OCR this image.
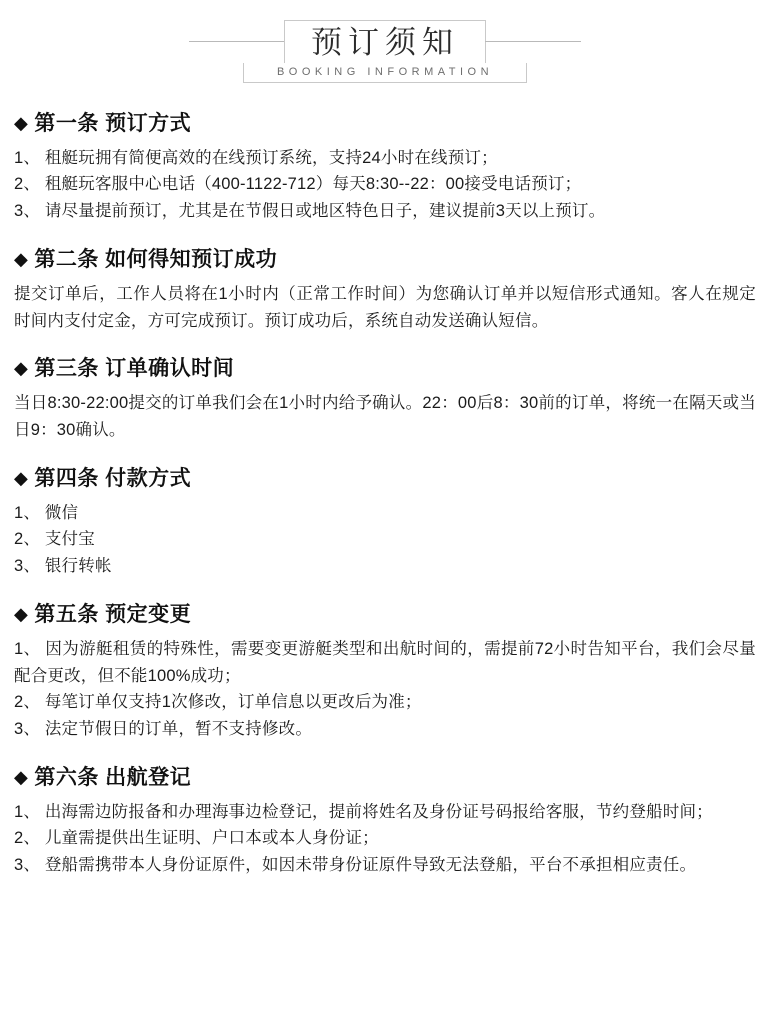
预订须知
BOOKING INFORMATION
◆ 第一条 预订方式
1、 租艇玩拥有简便高效的在线预订系统，支持24小时在线预订；
2、 租艇玩客服中心电话（400-1122-712）每天8:30--22：00接受电话预订；
3、 请尽量提前预订，尤其是在节假日或地区特色日子，建议提前3天以上预订。
◆ 第二条 如何得知预订成功

提交订单后，工作人员将在1小时内（正常工作时间）为您确认订单并以短信形式通知。客人在规定时间内支付定金，方可完成预订。预订成功后，系统自动发送确认短信。

◆ 第三条 订单确认时间

当日8:30-22:00提交的订单我们会在1小时内给予确认。22：00后8：30前的订单，将统一在隔天或当日9：30确认。

◆ 第四条 付款方式
1、 微信
2、 支付宝
3、 银行转帐
◆ 第五条 预定变更
1、 因为游艇租赁的特殊性，需要变更游艇类型和出航时间的，需提前72小时告知平台，我们会尽量配合更改，但不能100%成功；
2、 每笔订单仅支持1次修改，订单信息以更改后为准；
3、 法定节假日的订单，暂不支持修改。
◆ 第六条 出航登记
1、 出海需边防报备和办理海事边检登记，提前将姓名及身份证号码报给客服，节约登船时间；
2、 儿童需提供出生证明、户口本或本人身份证；
3、 登船需携带本人身份证原件，如因未带身份证原件导致无法登船，平台不承担相应责任。
